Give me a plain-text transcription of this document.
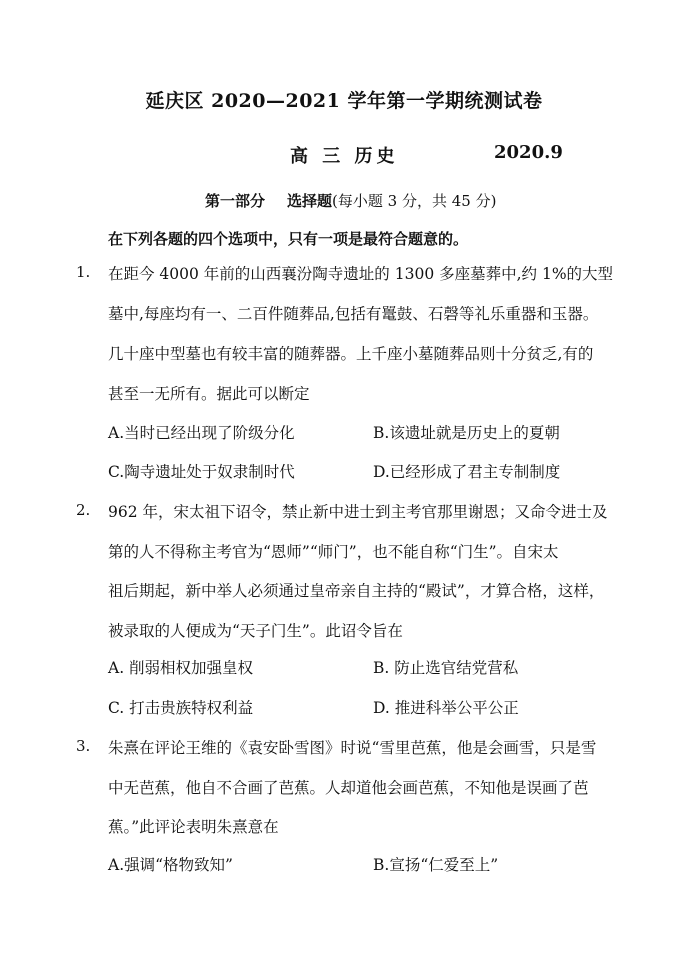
延庆区 2020—2021 学年第一学期统测试卷
高 三 历史	2020.9
第一部分 选择题(每小题 3 分，共 45 分)
在下列各题的四个选项中，只有一项是最符合题意的。
1. 在距今 4000 年前的山西襄汾陶寺遗址的 1300 多座墓葬中,约 1%的大型
墓中,每座均有一、二百件随葬品,包括有鼍鼓、石磬等礼乐重器和玉器。
几十座中型墓也有较丰富的随葬器。上千座小墓随葬品则十分贫乏,有的
甚至一无所有。据此可以断定
A.当时已经出现了阶级分化	B.该遗址就是历史上的夏朝
C.陶寺遗址处于奴隶制时代	D.已经形成了君主专制制度
2. 962 年，宋太祖下诏令，禁止新中进士到主考官那里谢恩；又命令进士及
第的人不得称主考官为“恩师”“师门”，也不能自称“门生”。自宋太
祖后期起，新中举人必须通过皇帝亲自主持的“殿试”，才算合格，这样，
被录取的人便成为“天子门生”。此诏令旨在
A. 削弱相权加强皇权	B. 防止选官结党营私
C. 打击贵族特权利益	D. 推进科举公平公正
3. 朱熹在评论王维的《袁安卧雪图》时说“雪里芭蕉，他是会画雪，只是雪
中无芭蕉，他自不合画了芭蕉。人却道他会画芭蕉，不知他是误画了芭
蕉。”此评论表明朱熹意在
A.强调“格物致知”	B.宣扬“仁爱至上”
